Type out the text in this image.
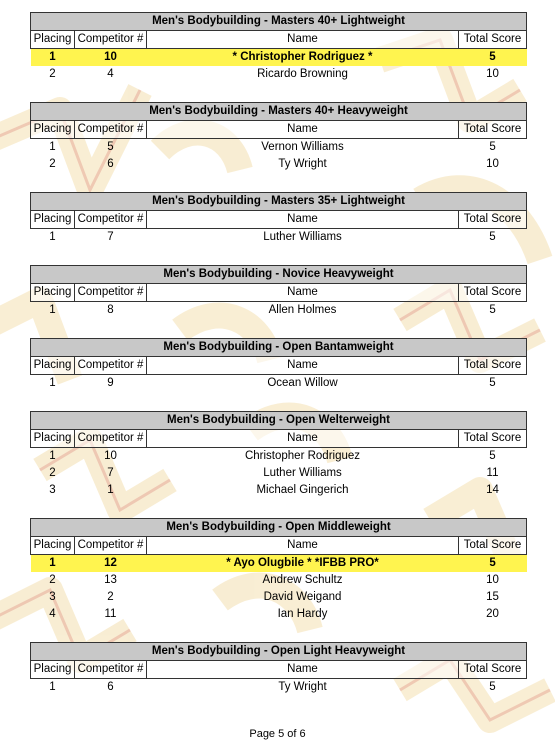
Men's Bodybuilding - Masters 40+ Lightweight			
Placing	Competitor #	Name	Total Score
1	10	* Christopher Rodriguez *	5
2	4	Ricardo Browning	10
Men's Bodybuilding - Masters 40+ Heavyweight			
Placing	Competitor #	Name	Total Score
1	5	Vernon Williams	5
2	6	Ty Wright	10
Men's Bodybuilding - Masters 35+ Lightweight			
Placing	Competitor #	Name	Total Score
1	7	Luther Williams	5
Men's Bodybuilding - Novice Heavyweight			
Placing	Competitor #	Name	Total Score
1	8	Allen Holmes	5
Men's Bodybuilding - Open Bantamweight			
Placing	Competitor #	Name	Total Score
1	9	Ocean Willow	5
Men's Bodybuilding - Open Welterweight			
Placing	Competitor #	Name	Total Score
1	10	Christopher Rodriguez	5
2	7	Luther Williams	11
3	1	Michael Gingerich	14
Men's Bodybuilding - Open Middleweight			
Placing	Competitor #	Name	Total Score
1	12	* Ayo Olugbile * *IFBB PRO*	5
2	13	Andrew Schultz	10
3	2	David Weigand	15
4	11	Ian Hardy	20
Men's Bodybuilding - Open Light Heavyweight			
Placing	Competitor #	Name	Total Score
1	6	Ty Wright	5
Page 5 of 6
